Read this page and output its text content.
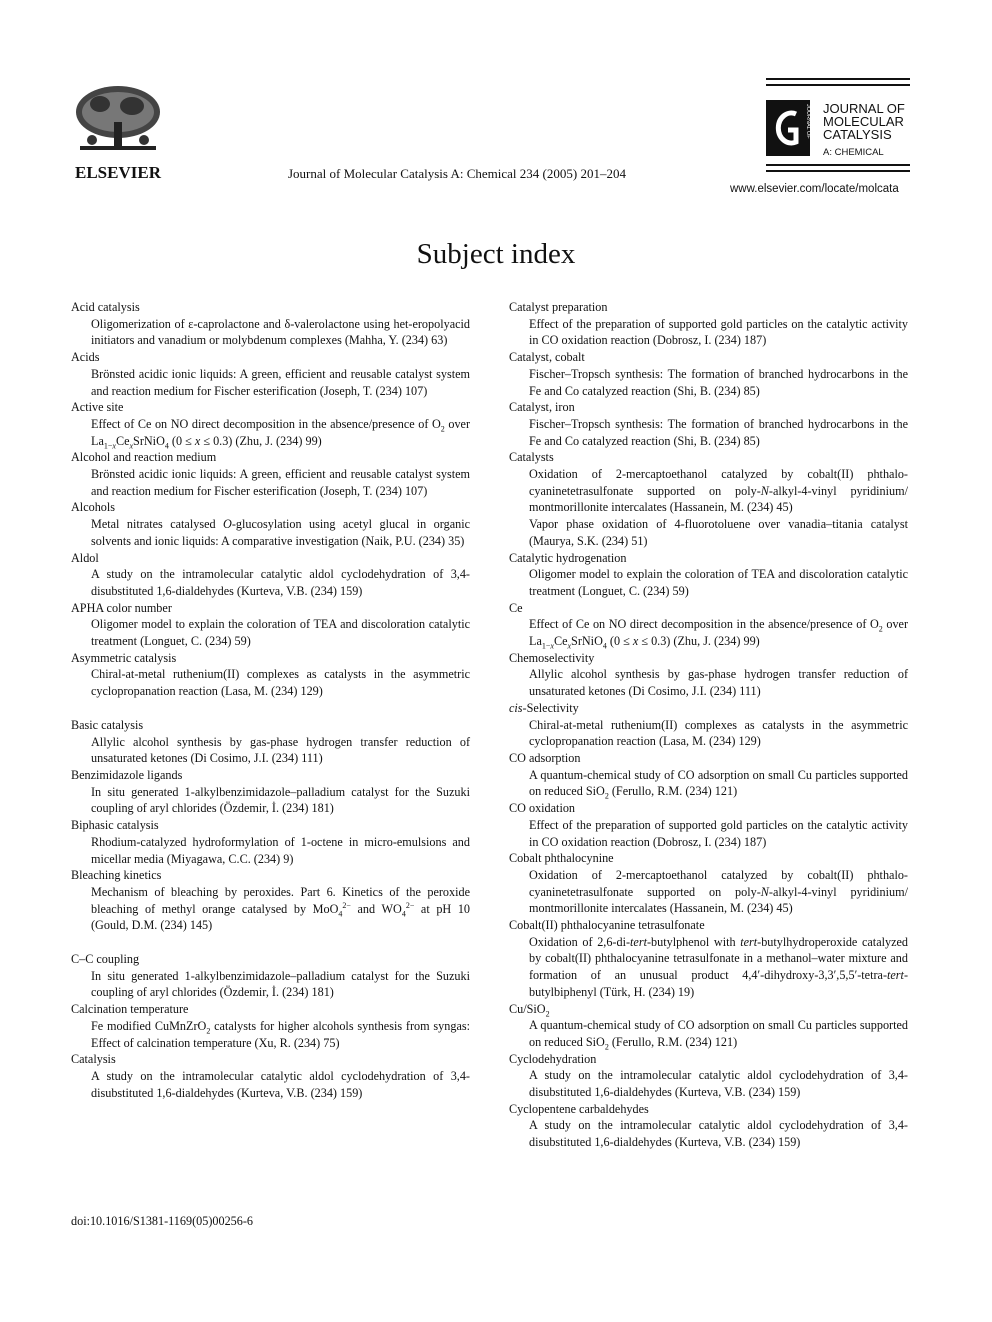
ELSEVIER	Journal of Molecular Catalysis A: Chemical 234 (2005) 201–204
JOURNAL OF JOURNAL OF
MOLECULAR
CATALYSIS
A: CHEMICAL
www.elsevier.com/locate/molcata
Subject index

Acid catalysis

Oligomerization of ε-caprolactone and δ-valerolactone using het-eropolyacid initiators and vanadium or molybdenum complexes (Mahha, Y. (234) 63)

Acids

Brönsted acidic ionic liquids: A green, efficient and reusable catalyst system and reaction medium for Fischer esterification (Joseph, T. (234) 107)

Active site

Effect of Ce on NO direct decomposition in the absence/presence of $O_2$ over $La_{1-x}Ce_xSrNiO_4$ (0 ≤ x ≤ 0.3) (Zhu, J. (234) 99)

Alcohol and reaction medium

Brönsted acidic ionic liquids: A green, efficient and reusable catalyst system and reaction medium for Fischer esterification (Joseph, T. (234) 107)

Alcohols

Metal nitrates catalysed O-glucosylation using acetyl glucal in organic solvents and ionic liquids: A comparative investigation (Naik, P.U. (234) 35)

Aldol

A study on the intramolecular catalytic aldol cyclodehydration of 3,4-disubstituted 1,6-dialdehydes (Kurteva, V.B. (234) 159)

APHA color number

Oligomer model to explain the coloration of TEA and discoloration catalytic treatment (Longuet, C. (234) 59)

Asymmetric catalysis

Chiral-at-metal ruthenium(II) complexes as catalysts in the asymmetric cyclopropanation reaction (Lasa, M. (234) 129)

Basic catalysis

Allylic alcohol synthesis by gas-phase hydrogen transfer reduction of unsaturated ketones (Di Cosimo, J.I. (234) 111)

Benzimidazole ligands

In situ generated 1-alkylbenzimidazole–palladium catalyst for the Suzuki coupling of aryl chlorides (Özdemir, İ. (234) 181)

Biphasic catalysis

Rhodium-catalyzed hydroformylation of 1-octene in micro-emulsions and micellar media (Miyagawa, C.C. (234) 9)

Bleaching kinetics

Mechanism of bleaching by peroxides. Part 6. Kinetics of the peroxide bleaching of methyl orange catalysed by MoO$_4^{2-}$ and $WO_4^{2-}$ at pH 10 (Gould, D.M. (234) 145)

C–C coupling

In situ generated 1-alkylbenzimidazole–palladium catalyst for the Suzuki coupling of aryl chlorides (Özdemir, İ. (234) 181)

Calcination temperature

Fe modified CuMnZrO$_2$ catalysts for higher alcohols synthesis from syngas: Effect of calcination temperature (Xu, R. (234) 75)

Catalysis

A study on the intramolecular catalytic aldol cyclodehydration of 3,4-disubstituted 1,6-dialdehydes (Kurteva, V.B. (234) 159)

Catalyst preparation

Effect of the preparation of supported gold particles on the catalytic activity in CO oxidation reaction (Dobrosz, I. (234) 187)

Catalyst, cobalt

Fischer–Tropsch synthesis: The formation of branched hydrocarbons in the Fe and Co catalyzed reaction (Shi, B. (234) 85)

Catalyst, iron

Fischer–Tropsch synthesis: The formation of branched hydrocarbons in the Fe and Co catalyzed reaction (Shi, B. (234) 85)

Catalysts

Oxidation of 2-mercaptoethanol catalyzed by cobalt(II) phthalo-cyaninetetrasulfonate supported on poly-N-alkyl-4-vinyl pyridinium/ montmorillonite intercalates (Hassanein, M. (234) 45)

Vapor phase oxidation of 4-fluorotoluene over vanadia–titania catalyst (Maurya, S.K. (234) 51)

Catalytic hydrogenation

Oligomer model to explain the coloration of TEA and discoloration catalytic treatment (Longuet, C. (234) 59)

Ce

Effect of Ce on NO direct decomposition in the absence/presence of $O_2$ over $La_{1-x}Ce_xSrNiO_4$ (0 ≤ x ≤ 0.3) (Zhu, J. (234) 99)

Chemoselectivity

Allylic alcohol synthesis by gas-phase hydrogen transfer reduction of unsaturated ketones (Di Cosimo, J.I. (234) 111)

cis-Selectivity

Chiral-at-metal ruthenium(II) complexes as catalysts in the asymmetric cyclopropanation reaction (Lasa, M. (234) 129)

CO adsorption

A quantum-chemical study of CO adsorption on small Cu particles supported on reduced SiO$_2$ (Ferullo, R.M. (234) 121)

CO oxidation

Effect of the preparation of supported gold particles on the catalytic activity in CO oxidation reaction (Dobrosz, I. (234) 187)

Cobalt phthalocynine

Oxidation of 2-mercaptoethanol catalyzed by cobalt(II) phthalo-cyaninetetrasulfonate supported on poly-N-alkyl-4-vinyl pyridinium/ montmorillonite intercalates (Hassanein, M. (234) 45)

Cobalt(II) phthalocyanine tetrasulfonate

Oxidation of 2,6-di-tert-butylphenol with tert-butylhydroperoxide catalyzed by cobalt(II) phthalocyanine tetrasulfonate in a methanol–water mixture and formation of an unusual product 4,4′-dihydroxy-3,3′,5,5′-tetra-tert-butylbiphenyl (Türk, H. (234) 19)

Cu/SiO$_2$

A quantum-chemical study of CO adsorption on small Cu particles supported on reduced SiO$_2$ (Ferullo, R.M. (234) 121)

Cyclodehydration

A study on the intramolecular catalytic aldol cyclodehydration of 3,4-disubstituted 1,6-dialdehydes (Kurteva, V.B. (234) 159)

Cyclopentene carbaldehydes

A study on the intramolecular catalytic aldol cyclodehydration of 3,4-disubstituted 1,6-dialdehydes (Kurteva, V.B. (234) 159)

doi:10.1016/S1381-1169(05)00256-6
